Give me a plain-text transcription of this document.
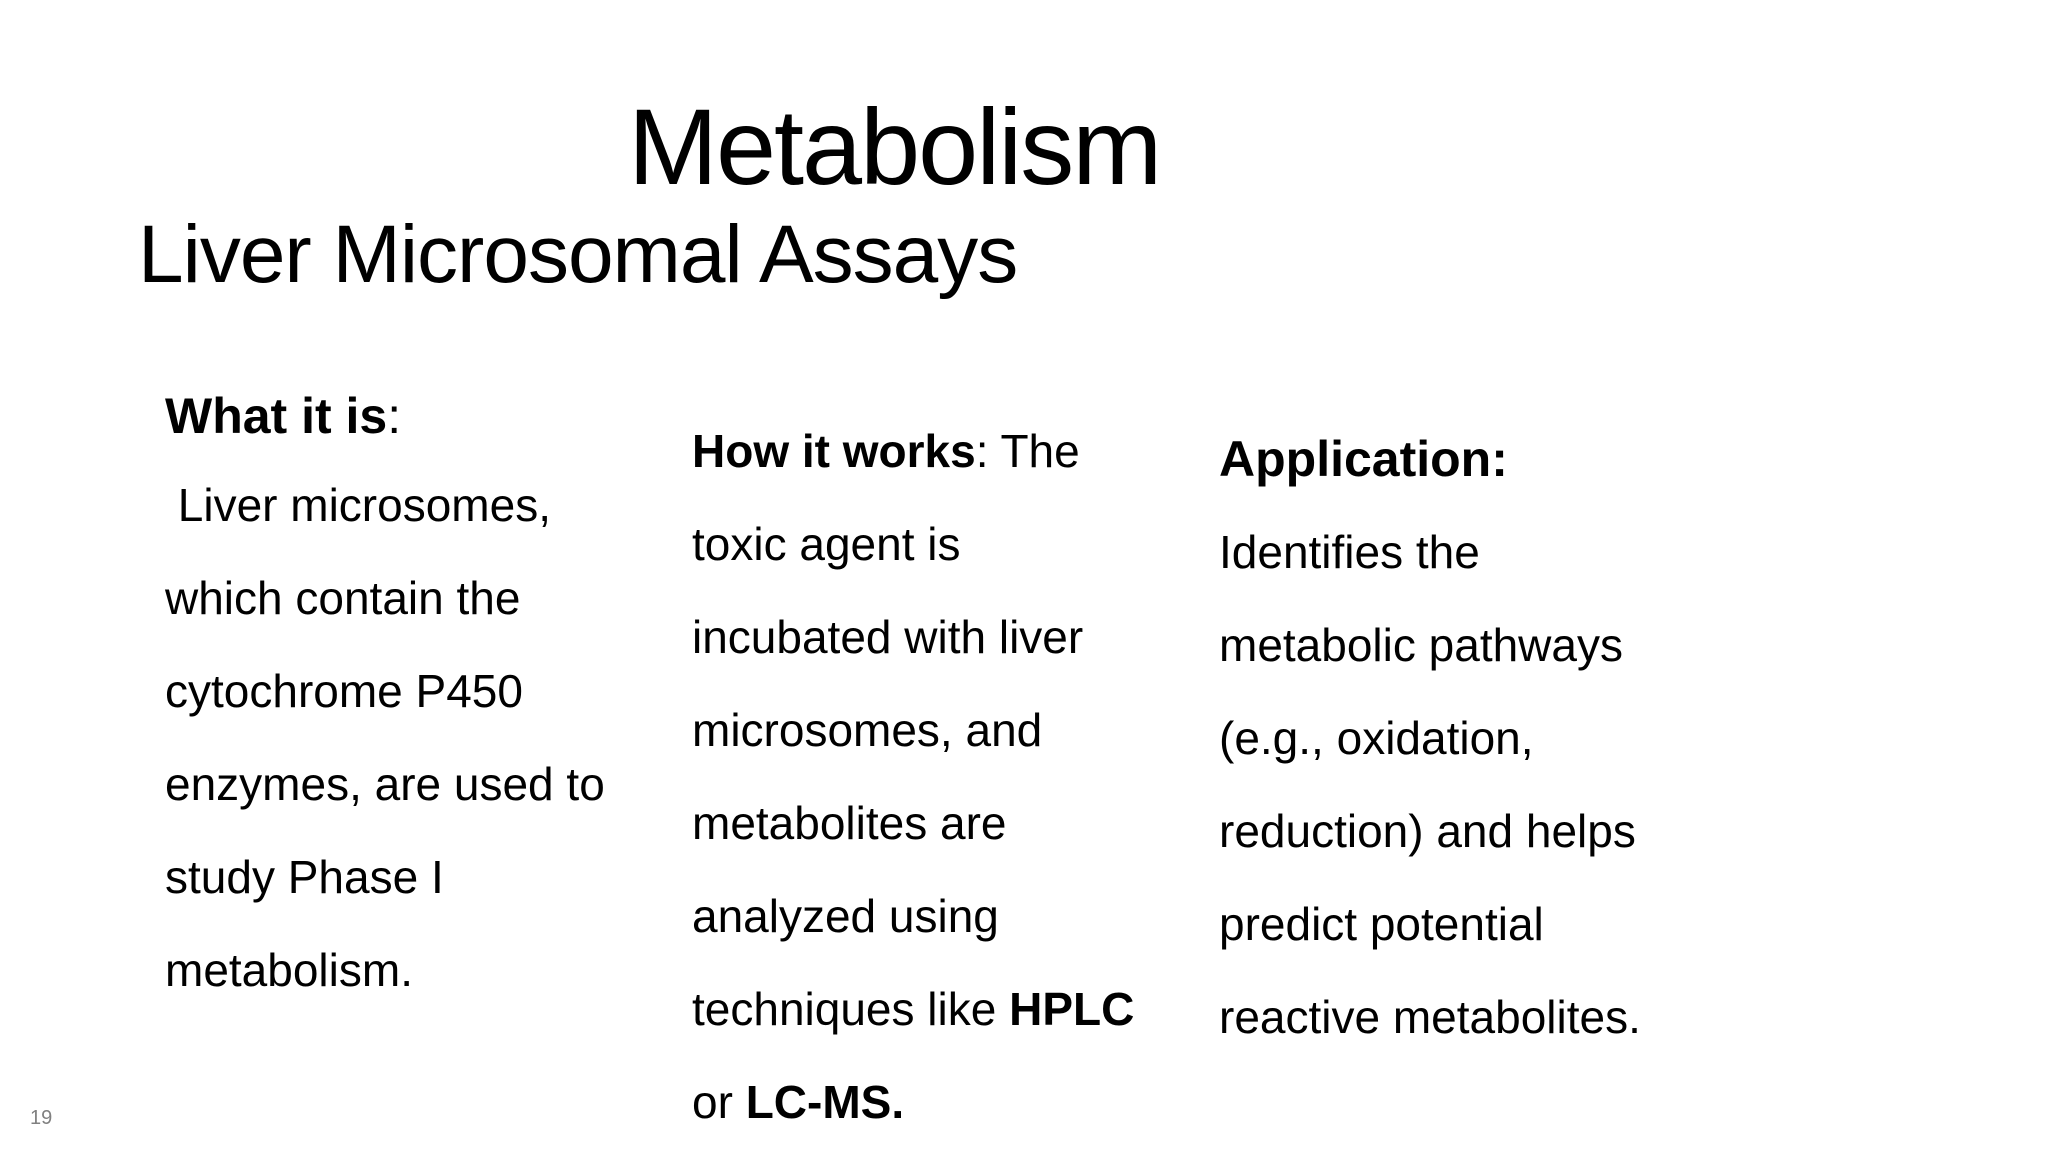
Metabolism
Liver Microsomal Assays
What it is:
Liver microsomes,
which contain the
cytochrome P450
enzymes, are used to
study Phase I
metabolism.
How it works: The
toxic agent is
incubated with liver
microsomes, and
metabolites are
analyzed using
techniques like HPLC
or LC-MS.
Application:
Identifies the
metabolic pathways
(e.g., oxidation,
reduction) and helps
predict potential
reactive metabolites.
19
